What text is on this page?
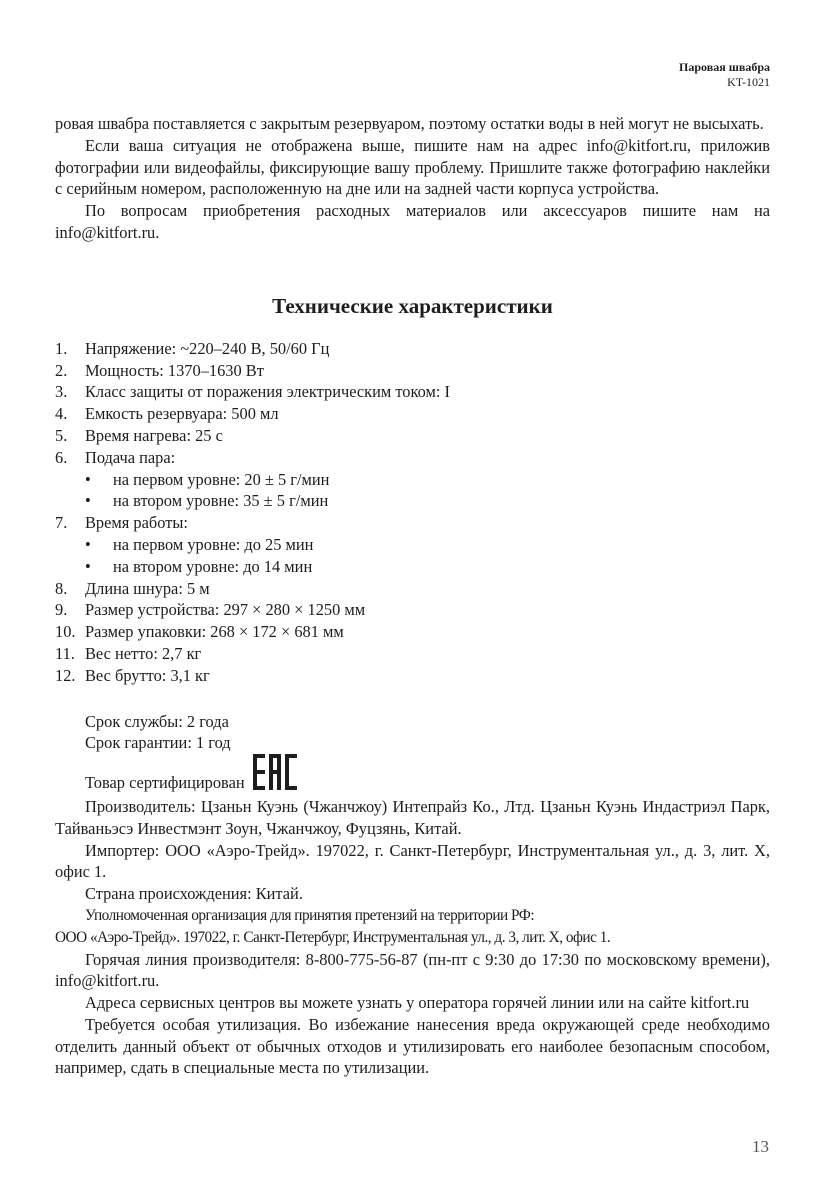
Паровая швабра
KT-1021

ровая швабра поставляется с закрытым резервуаром, поэтому остатки воды в ней могут не высыхать.

Если ваша ситуация не отображена выше, пишите нам на адрес info@kitfort.ru, приложив фотографии или видеофайлы, фиксирующие вашу проблему. Пришлите также фотографию наклейки с серийным номером, расположенную на дне или на задней части корпуса устройства.

По вопросам приобретения расходных материалов или аксессуаров пишите нам на info@kitfort.ru.

Технические характеристики
1. Напряжение: ~220–240 В, 50/60 Гц
2. Мощность: 1370–1630 Вт
3. Класс защиты от поражения электрическим током: I
4. Емкость резервуара: 500 мл
5. Время нагрева: 25 с
6. Подача пара:
• на первом уровне: 20 ± 5 г/мин
• на втором уровне: 35 ± 5 г/мин
7. Время работы:
• на первом уровне: до 25 мин
• на втором уровне: до 14 мин
8. Длина шнура: 5 м
9. Размер устройства: 297 × 280 × 1250 мм
10. Размер упаковки: 268 × 172 × 681 мм
11. Вес нетто: 2,7 кг
12. Вес брутто: 3,1 кг
Срок службы: 2 года
Срок гарантии: 1 год
Товар сертифицирован

Производитель: Цзаньн Куэнь (Чжанчжоу) Интепрайз Ко., Лтд. Цзаньн Куэнь Индастриэл Парк, Тайваньэсэ Инвестмэнт Зоун, Чжанчжоу, Фуцзянь, Китай.

Импортер: ООО «Аэро-Трейд». 197022, г. Санкт-Петербург, Инструментальная ул., д. 3, лит. Х, офис 1.

Страна происхождения: Китай.

Уполномоченная организация для принятия претензий на территории РФ:

ООО «Аэро-Трейд». 197022, г. Санкт-Петербург, Инструментальная ул., д. 3, лит. Х, офис 1.

Горячая линия производителя: 8-800-775-56-87 (пн-пт с 9:30 до 17:30 по московскому времени), info@kitfort.ru.

Адреса сервисных центров вы можете узнать у оператора горячей линии или на сайте kitfort.ru

Требуется особая утилизация. Во избежание нанесения вреда окружающей среде необходимо отделить данный объект от обычных отходов и утилизировать его наиболее безопасным способом, например, сдать в специальные места по утилизации.

13
